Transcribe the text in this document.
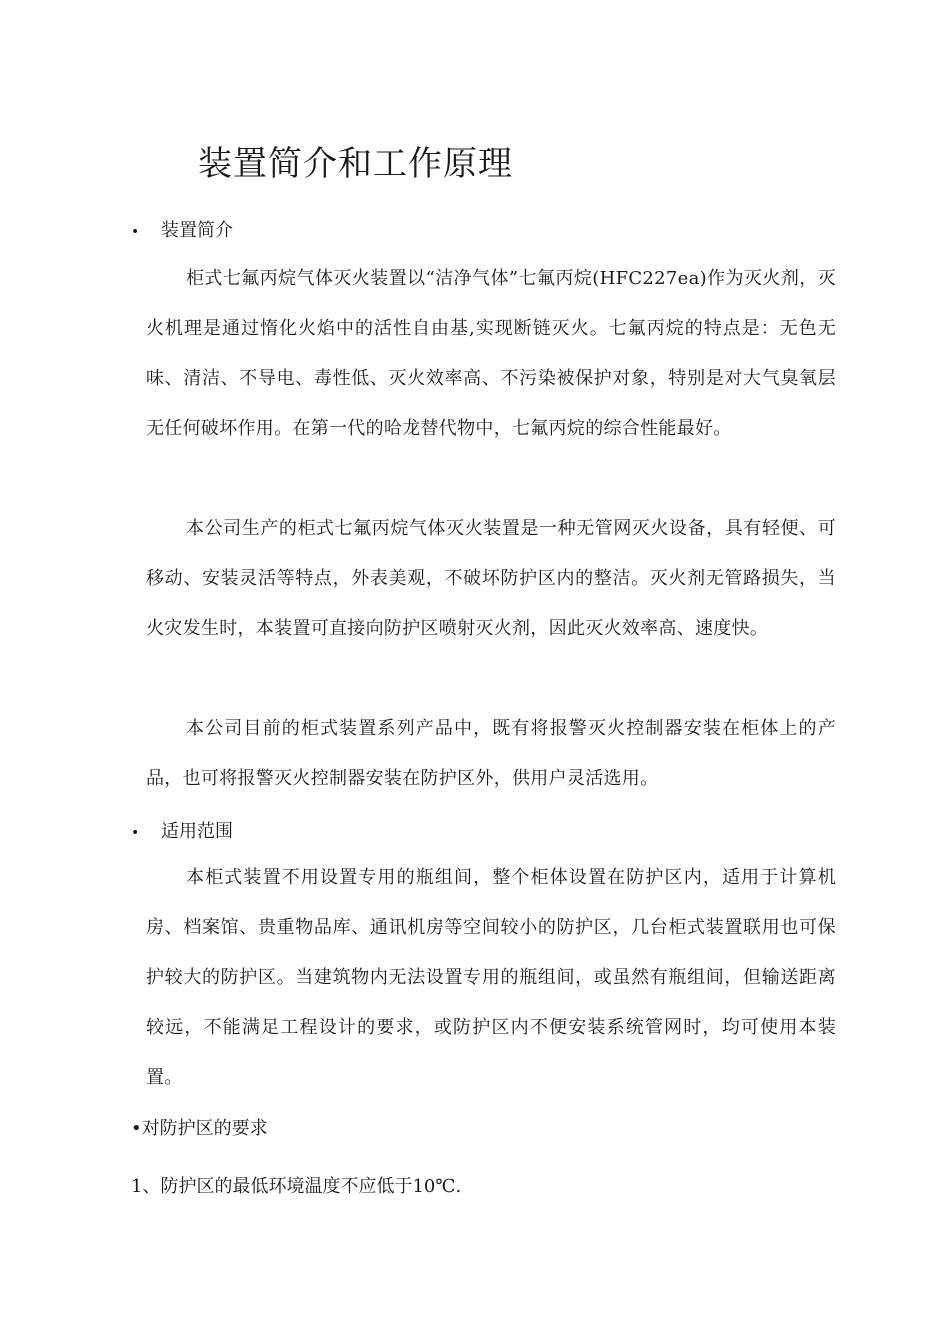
装置简介和工作原理
• 装置简介

柜式七氟丙烷气体灭火装置以“洁净气体”七氟丙烷(HFC227ea)作为灭火剂，灭火机理是通过惰化火焰中的活性自由基,实现断链灭火。七氟丙烷的特点是：无色无味、清洁、不导电、毒性低、灭火效率高、不污染被保护对象，特别是对大气臭氧层无任何破坏作用。在第一代的哈龙替代物中，七氟丙烷的综合性能最好。

本公司生产的柜式七氟丙烷气体灭火装置是一种无管网灭火设备，具有轻便、可移动、安装灵活等特点，外表美观，不破坏防护区内的整洁。灭火剂无管路损失，当火灾发生时，本装置可直接向防护区喷射灭火剂，因此灭火效率高、速度快。

本公司目前的柜式装置系列产品中，既有将报警灭火控制器安装在柜体上的产品，也可将报警灭火控制器安装在防护区外，供用户灵活选用。

• 适用范围

本柜式装置不用设置专用的瓶组间，整个柜体设置在防护区内，适用于计算机房、档案馆、贵重物品库、通讯机房等空间较小的防护区，几台柜式装置联用也可保护较大的防护区。当建筑物内无法设置专用的瓶组间，或虽然有瓶组间，但输送距离较远，不能满足工程设计的要求，或防护区内不便安装系统管网时，均可使用本装置。

•对防护区的要求
1、防护区的最低环境温度不应低于10℃.
